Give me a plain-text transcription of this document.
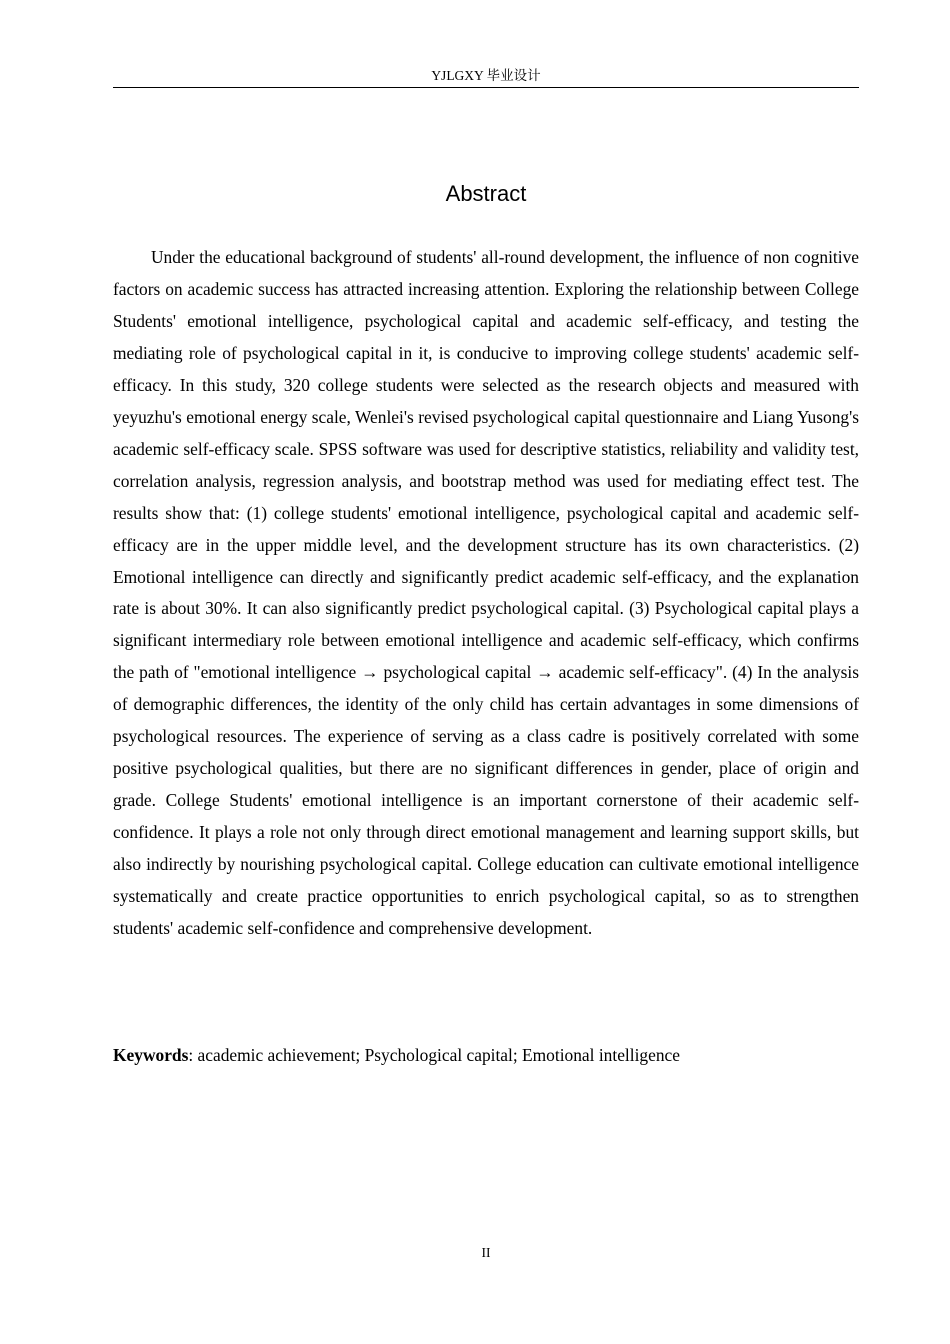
YJLGXY 毕业设计
Abstract

Under the educational background of students' all-round development, the influence of non cognitive factors on academic success has attracted increasing attention. Exploring the relationship between College Students' emotional intelligence, psychological capital and academic self-efficacy, and testing the mediating role of psychological capital in it, is conducive to improving college students' academic self-efficacy. In this study, 320 college students were selected as the research objects and measured with yeyuzhu's emotional energy scale, Wenlei's revised psychological capital questionnaire and Liang Yusong's academic self-efficacy scale. SPSS software was used for descriptive statistics, reliability and validity test, correlation analysis, regression analysis, and bootstrap method was used for mediating effect test. The results show that: (1) college students' emotional intelligence, psychological capital and academic self-efficacy are in the upper middle level, and the development structure has its own characteristics. (2) Emotional intelligence can directly and significantly predict academic self-efficacy, and the explanation rate is about 30%. It can also significantly predict psychological capital. (3) Psychological capital plays a significant intermediary role between emotional intelligence and academic self-efficacy, which confirms the path of "emotional intelligence → psychological capital → academic self-efficacy". (4) In the analysis of demographic differences, the identity of the only child has certain advantages in some dimensions of psychological resources. The experience of serving as a class cadre is positively correlated with some positive psychological qualities, but there are no significant differences in gender, place of origin and grade. College Students' emotional intelligence is an important cornerstone of their academic self-confidence. It plays a role not only through direct emotional management and learning support skills, but also indirectly by nourishing psychological capital. College education can cultivate emotional intelligence systematically and create practice opportunities to enrich psychological capital, so as to strengthen students' academic self-confidence and comprehensive development.

Keywords: academic achievement; Psychological capital; Emotional intelligence

II
